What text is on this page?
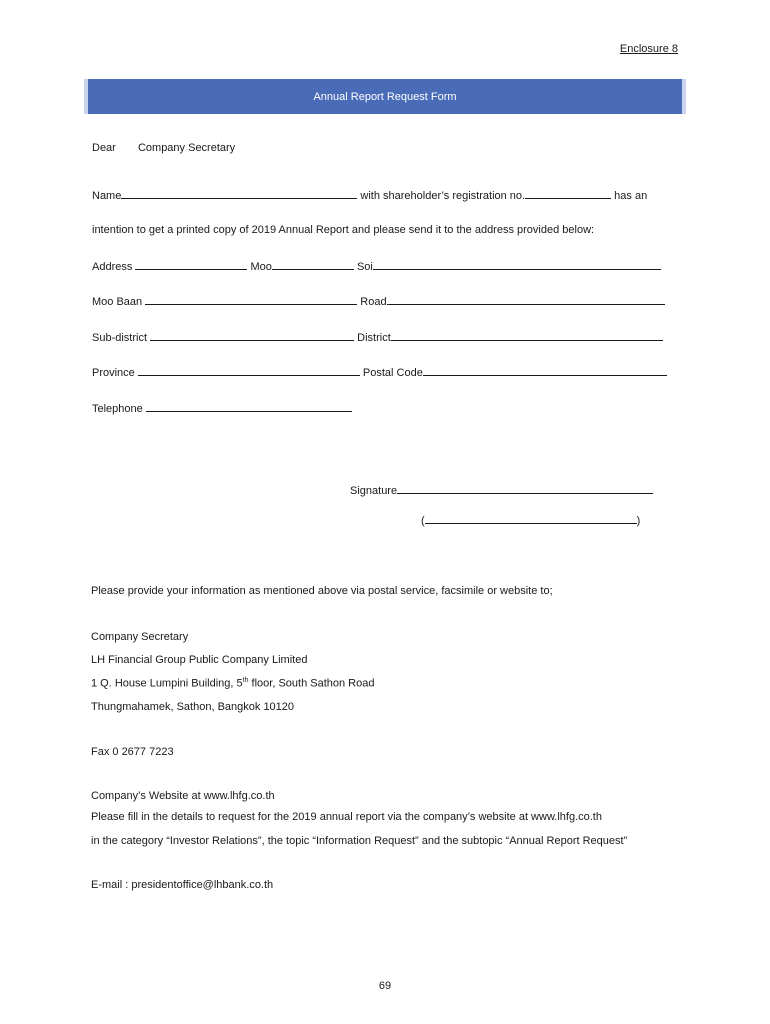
Enclosure 8
Annual Report Request Form
Dear Company Secretary
Name	with shareholder’s registration no.	has an
intention to get a printed copy of 2019 Annual Report and please send it to the address provided below:
Address	Moo	Soi
Moo Baan	Road
Sub-district	District
Province	Postal Code
Telephone
Signature
(	)
Please provide your information as mentioned above via postal service, facsimile or website to;
Company Secretary
LH Financial Group Public Company Limited
1 Q. House Lumpini Building, 5th floor, South Sathon Road
Thungmahamek, Sathon, Bangkok 10120
Fax 0 2677 7223
Company’s Website at www.lhfg.co.th
Please fill in the details to request for the 2019 annual report via the company’s website at www.lhfg.co.th
in the category “Investor Relations”, the topic “Information Request” and the subtopic “Annual Report Request”
E-mail : presidentoffice@lhbank.co.th
69
